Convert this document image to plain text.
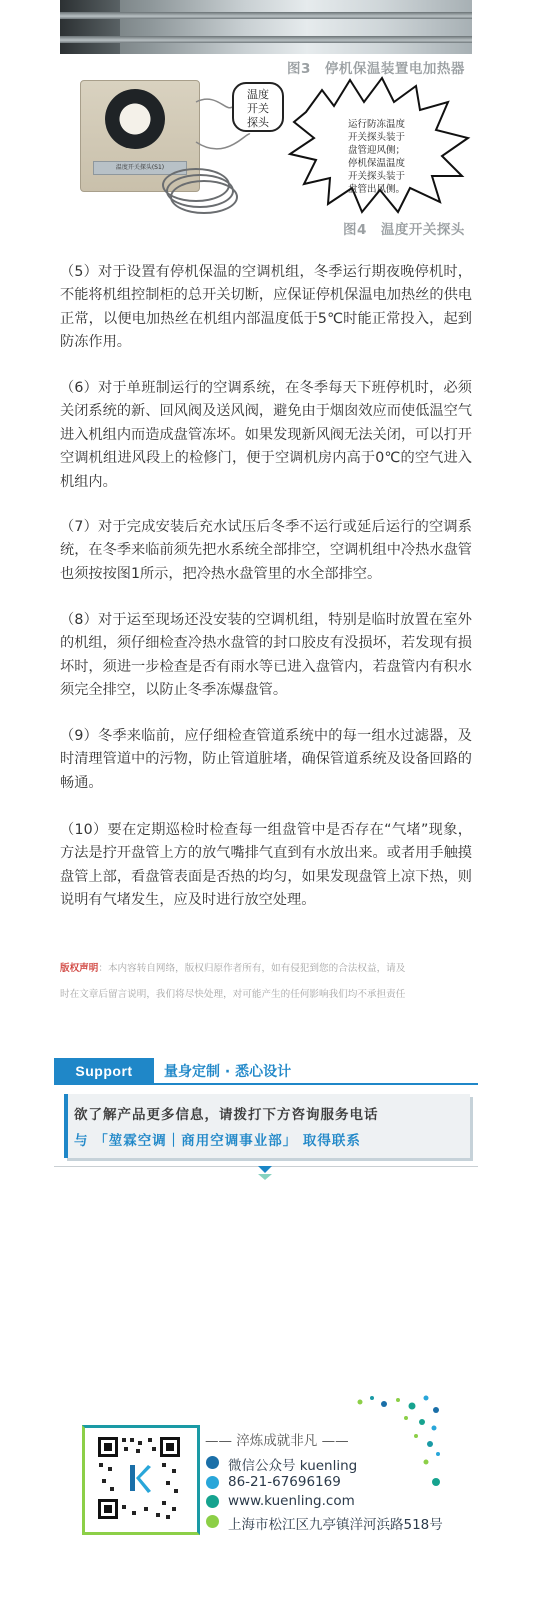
图3　停机保温装置电加热器
温度开关探头(S1)
温度
开关
探头	运行防冻温度
开关探头装于
盘管迎风侧；
停机保温温度
开关探头装于
盘管出风侧。
图4　温度开关探头
（5）对于设置有停机保温的空调机组，冬季运行期夜晚停机时，不能将机组控制柜的总开关切断，应保证停机保温电加热丝的供电正常，以便电加热丝在机组内部温度低于5℃时能正常投入，起到防冻作用。
（6）对于单班制运行的空调系统，在冬季每天下班停机时，必须关闭系统的新、回风阀及送风阀，避免由于烟囱效应而使低温空气进入机组内而造成盘管冻坏。如果发现新风阀无法关闭，可以打开空调机组进风段上的检修门，便于空调机房内高于0℃的空气进入机组内。
（7）对于完成安装后充水试压后冬季不运行或延后运行的空调系统，在冬季来临前须先把水系统全部排空，空调机组中冷热水盘管也须按按图1所示，把冷热水盘管里的水全部排空。
（8）对于运至现场还没安装的空调机组，特别是临时放置在室外的机组，须仔细检查冷热水盘管的封口胶皮有没损坏，若发现有损坏时，须进一步检查是否有雨水等已进入盘管内，若盘管内有积水须完全排空，以防止冬季冻爆盘管。
（9）冬季来临前，应仔细检查管道系统中的每一组水过滤器，及时清理管道中的污物，防止管道脏堵，确保管道系统及设备回路的畅通。
（10）要在定期巡检时检查每一组盘管中是否存在“气堵”现象，方法是拧开盘管上方的放气嘴排气直到有水放出来。或者用手触摸盘管上部，看盘管表面是否热的均匀，如果发现盘管上凉下热，则说明有气堵发生，应及时进行放空处理。
版权声明：本内容转自网络，版权归原作者所有，如有侵犯到您的合法权益，请及
时在文章后留言说明，我们将尽快处理，对可能产生的任何影响我们均不承担责任
Support	量身定制 · 悉心设计
欲了解产品更多信息，请拨打下方咨询服务电话
与 「堃霖空调｜商用空调事业部」 取得联系
—— 淬炼成就非凡 ——
微信公众号 kuenling
86-21-67696169
www.kuenling.com
上海市松江区九亭镇洋河浜路518号
